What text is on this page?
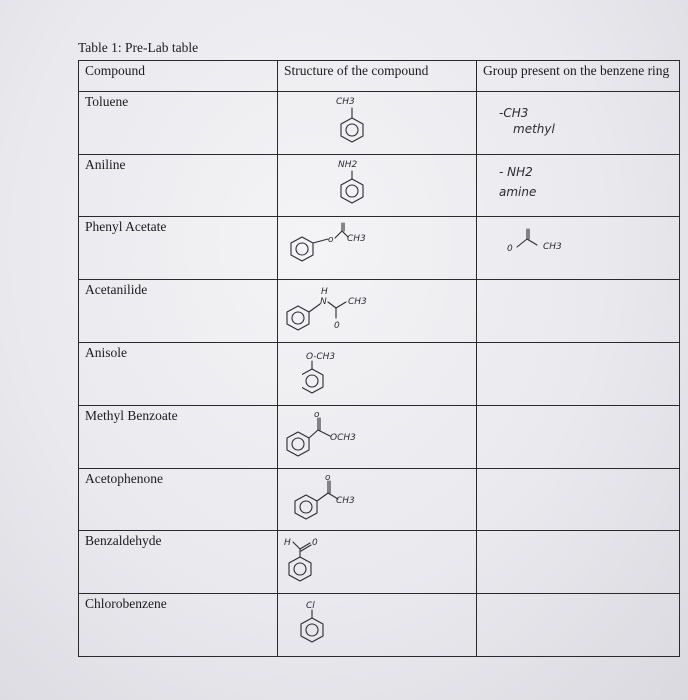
Table 1: Pre-Lab table
Compound	Structure of the compound	Group present on the benzene ring
Toluene	CH3	-CH3
methyl

Aniline	NH2	- NH2
amine

Phenyl Acetate	o CH3	0 CH3

Acetanilide	N
H
0
CH3	

Anisole	O-CH3	

Methyl Benzoate	o
OCH3	

Acetophenone	o
CH3	

Benzaldehyde	H 0	

Chlorobenzene	Cl	
